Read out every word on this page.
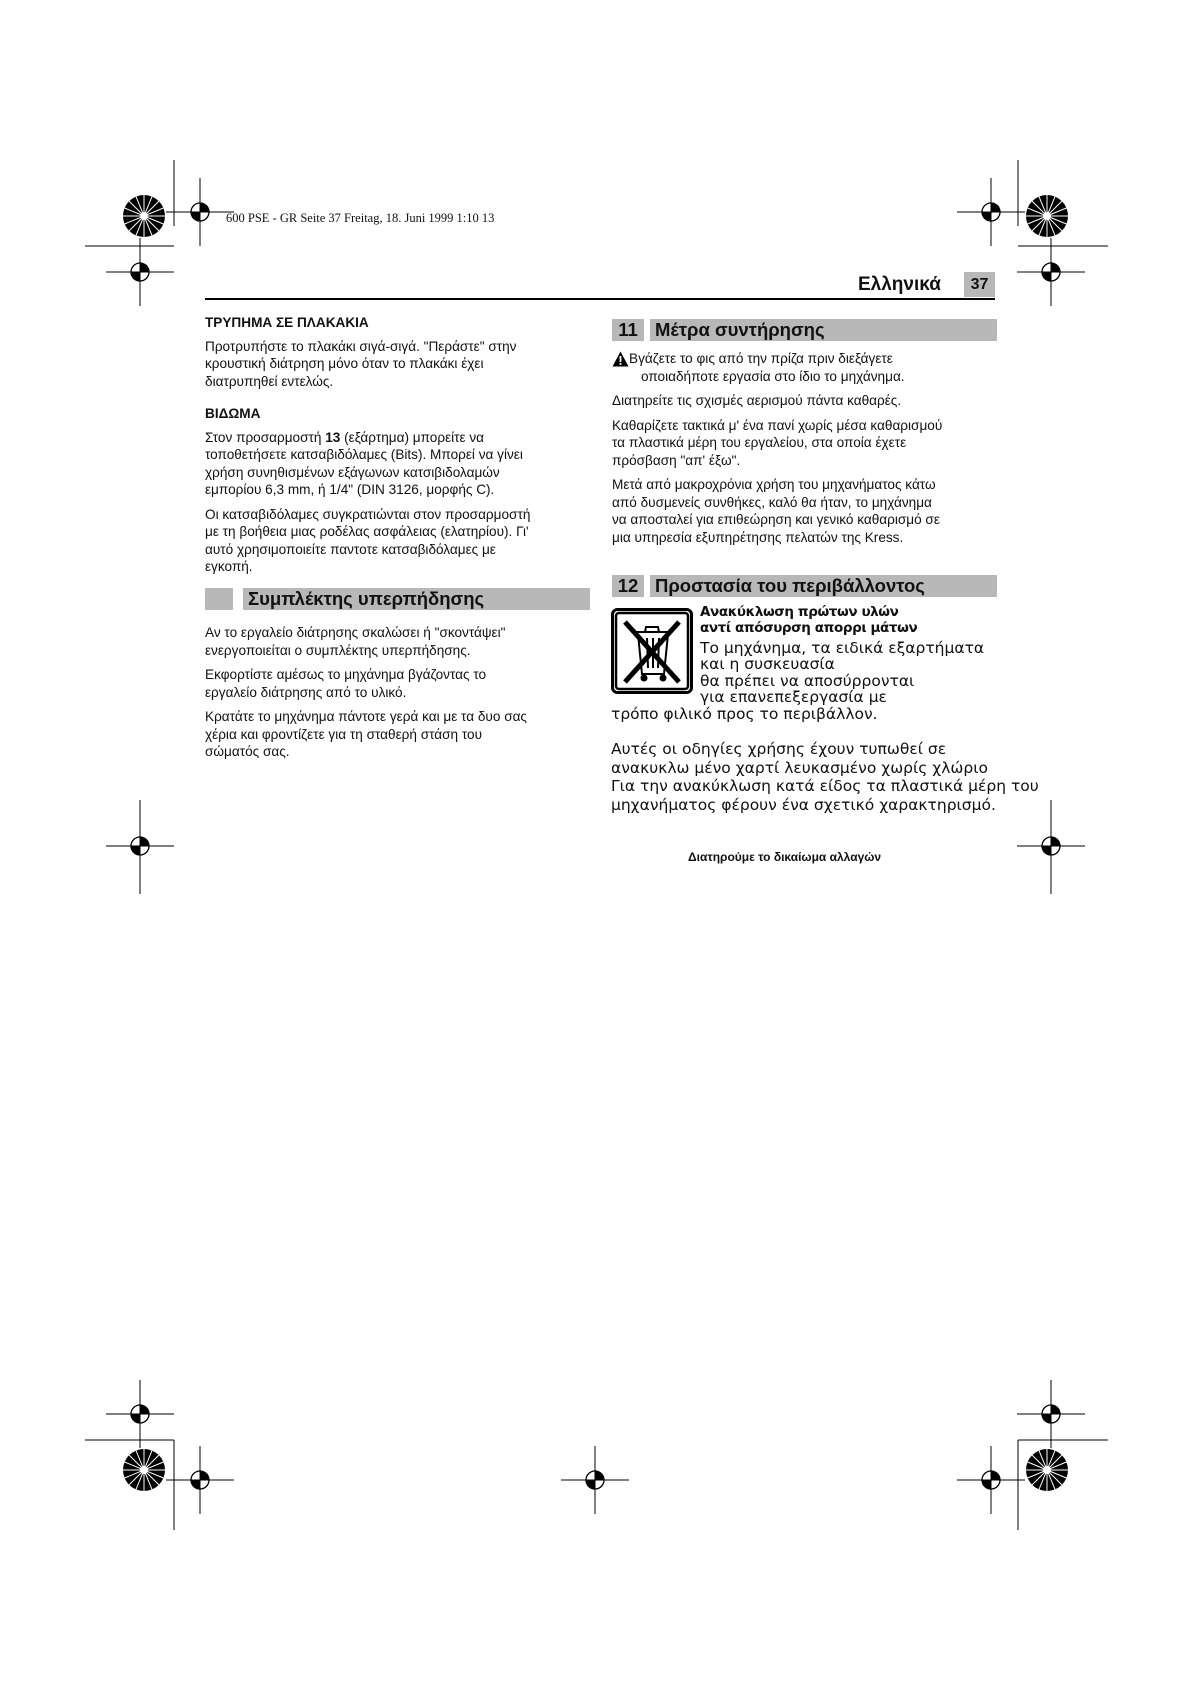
600 PSE - GR Seite 37 Freitag, 18. Juni 1999 1:10 13
Ελληνικά	37
ΤΡΥΠΗΜΑ ΣΕ ΠΛΑΚΑΚΙΑ

Προτρυπήστε το πλακάκι σιγά-σιγά. "Περάστε" στην
κρουστική διάτρηση μόνο όταν το πλακάκι έχει
διατρυπηθεί εντελώς.

ΒΙΔΩΜΑ

Στον προσαρμοστή 13 (εξάρτημα) μπορείτε να
τοποθετήσετε κατσαβιδόλαμες (Bits). Μπορεί να γίνει
χρήση συνηθισμένων εξάγωνων κατσιβιδολαμών
εμπορίου 6,3 mm, ή 1/4" (DIN 3126, μορφής C).

Οι κατσαβιδόλαμες συγκρατιώνται στον προσαρμοστή
με τη βοήθεια μιας ροδέλας ασφάλειας (ελατηρίου). Γι'
αυτό χρησιμοποιείτε παντοτε κατσαβιδόλαμες με
εγκοπή.

Συμπλέκτης υπερπήδησης

Αν το εργαλείο διάτρησης σκαλώσει ή "σκοντάψει"
ενεργοποιείται ο συμπλέκτης υπερπήδησης.

Εκφορτίστε αμέσως το μηχάνημα βγάζοντας το
εργαλείο διάτρησης από το υλικό.

Κρατάτε το μηχάνημα πάντοτε γερά και με τα δυο σας
χέρια και φροντίζετε για τη σταθερή στάση του
σώματός σας.

11 Μέτρα συντήρησης
Βγάζετε το φις από την πρίζα πριν διεξάγετε
οποιαδήποτε εργασία στο ίδιο το μηχάνημα.

Διατηρείτε τις σχισμές αερισμού πάντα καθαρές.

Καθαρίζετε τακτικά μ' ένα πανί χωρίς μέσα καθαρισμού
τα πλαστικά μέρη του εργαλείου, στα οποία έχετε
πρόσβαση "απ' έξω".

Μετά από μακροχρόνια χρήση του μηχανήματος κάτω
από δυσμενείς συνθήκες, καλό θα ήταν, το μηχάνημα
να αποσταλεί για επιθεώρηση και γενικό καθαρισμό σε
μια υπηρεσία εξυπηρέτησης πελατών της Kress.

12 Προστασία του περιβάλλοντος
Ανακύκλωση πρώτων υλών
αντί απόσυρση απορρι μάτων
Το μηχάνημα, τα ειδικά εξαρτήματα
και η συσκευασία
θα πρέπει να αποσύρρονται
για επανεπεξεργασία με
τρόπο φιλικό προς το περιβάλλον.
Αυτές οι οδηγίες χρήσης έχουν τυπωθεί σε
ανακυκλω μένο χαρτί λευκασμένο χωρίς χλώριο
Για την ανακύκλωση κατά είδος τα πλαστικά μέρη του
μηχανήματος φέρουν ένα σχετικό χαρακτηρισμό.
Διατηρούμε το δικαίωμα αλλαγών
